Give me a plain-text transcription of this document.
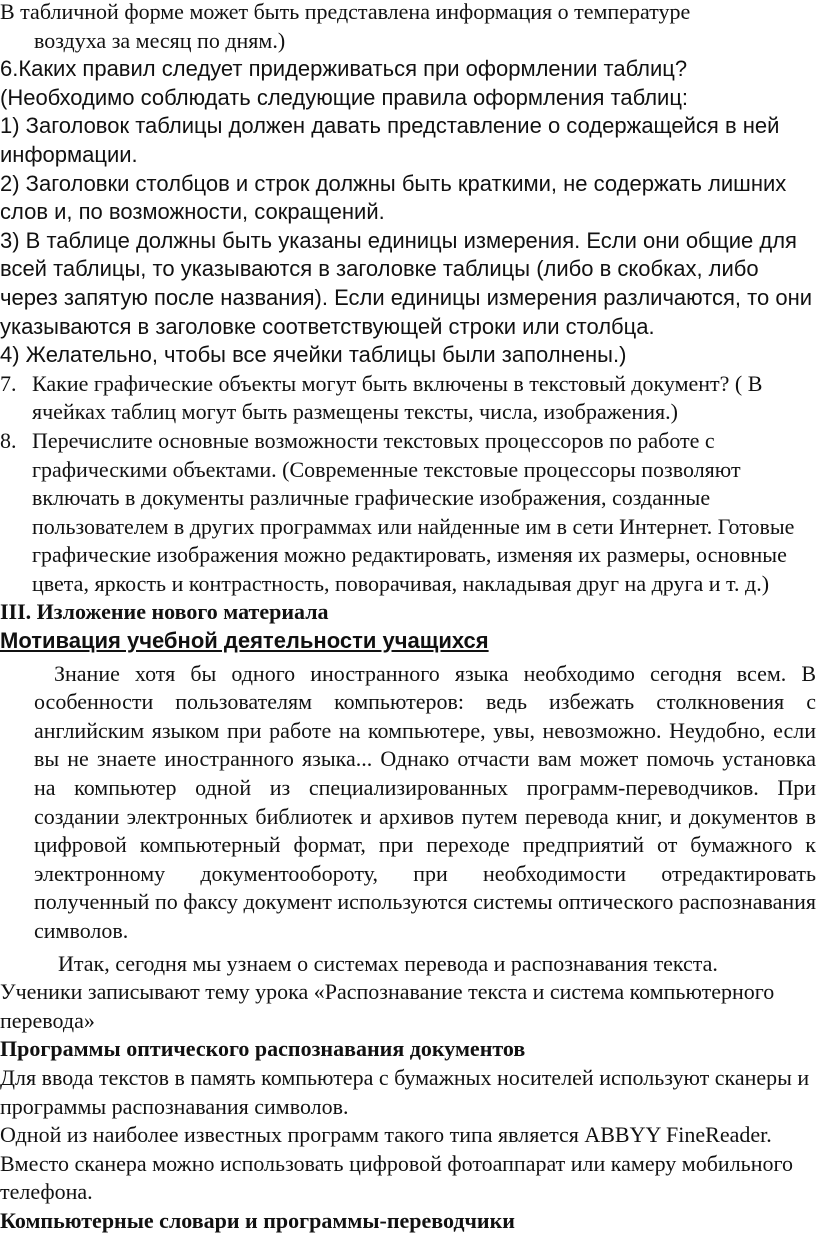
В табличной форме может быть представлена информация о температуре

воздуха за месяц по дням.)

6.Каких правил следует придерживаться при оформлении таблиц?(Необходимо соблюдать следующие правила оформления таблиц:

1) Заголовок таблицы должен давать представление о содержащейся в ней информации.

2) Заголовки столбцов и строк должны быть краткими, не содержать лишних слов и, по возможности, сокращений.

3) В таблице должны быть указаны единицы измерения. Если они общие для всей таблицы, то указываются в заголовке таблицы (либо в скобках, либо через запятую после названия). Если единицы измерения различаются, то они указываются в заголовке соответствующей строки или столбца.

4) Желательно, чтобы все ячейки таблицы были заполнены.)

7. Какие графические объекты могут быть включены в текстовый документ? ( В ячейках таблиц могут быть размещены тексты, числа, изображения.)
8. Перечислите основные возможности текстовых процессоров по работе с графическими объектами. (Современные текстовые процессоры позволяют включать в документы различные графические изображения, созданные пользователем в других программах или найденные им в сети Интернет. Готовые графические изображения можно редактировать, изменяя их размеры, основные цвета, яркость и контрастность, поворачивая, накладывая друг на друга и т. д.)

III. Изложение нового материала

Мотивация учебной деятельности учащихся

Знание хотя бы одного иностранного языка необходимо сегодня всем. В особенности пользователям компьютеров: ведь избежать столкновения с английским языком при работе на компьютере, увы, невозможно. Неудобно, если вы не знаете иностранного языка... Однако отчасти вам может помочь установка на компьютер одной из специализированных программ-переводчиков. При создании электронных библиотек и архивов путем перевода книг, и документов в цифровой компьютерный формат, при переходе предприятий от бумажного к электронному документообороту, при необходимости отредактировать полученный по факсу документ используются системы оптического распознавания символов.

Итак, сегодня мы узнаем о системах перевода и распознавания текста.

Ученики записывают тему урока «Распознавание текста и система компьютерного перевода»

Программы оптического распознавания документов

Для ввода текстов в память компьютера с бумажных носителей используют сканеры и программы распознавания символов.

Одной из наиболее известных программ такого типа является ABBYY FineReader. Вместо сканера можно использовать цифровой фотоаппарат или камеру мобильного телефона.

Компьютерные словари и программы-переводчики
